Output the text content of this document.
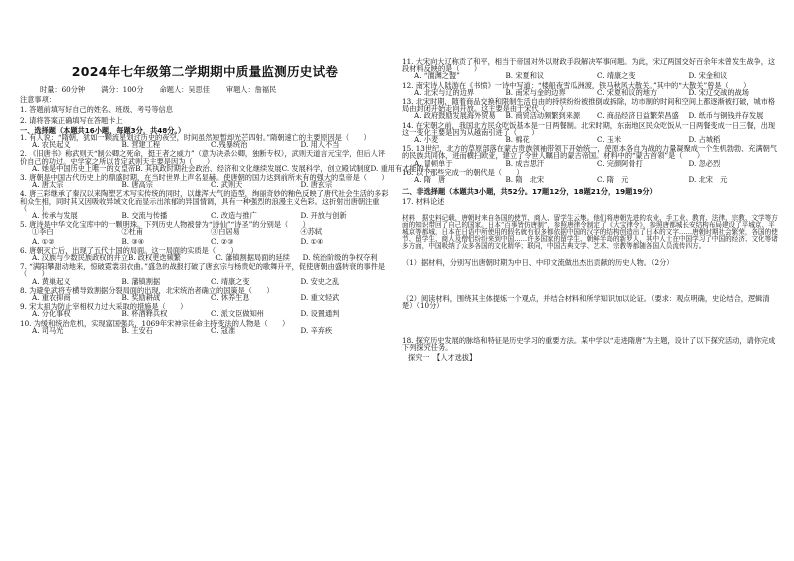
2024年七年级第二学期期中质量监测历史试卷

时量：60分钟 满分：100分 命题人：吴思佳 审题人：詹福民

注意事项：

1. 答题前填写好自己的姓名、班级、考号等信息

2. 请将答案正确填写在答题卡上

一、选择题（本题共16小题，每题3分，共48分。）

1. 有人说：“隋朝，犹如一颗流星划过历史的夜空，时间虽然短暂却光芒四射。”隋朝速亡的主要原因是（　　）

A. 农民起义	B. 营建工程	C.残暴统治	D. 用人不当

2. 《旧唐书》称武则天“制公卿之死命，挺王者之威力”（意为决杀公卿，独断专权），武则天道言元宝学，但后人评价自己的功过。史学家之所以肯定武则天主要是因为（　　）

A. 她是中国历史上唯一的女皇帝 B. 其执政时期社会政治、经济和文化继续发展 C. 发展科学，创立殿试制度 D. 重用有才能的人

3. 唐朝是中国古代历史上的鼎盛时期，在当时世界上声名显赫。使唐朝的国力达到前所未有的强大的皇帝是（　　）

A. 唐太宗	B. 唐高宗	C. 武则天	D. 唐玄宗

4. 唐三彩继承了秦汉以来陶塑艺术写实传统的同时，以雄浑大气的造型，绚丽奇妙的釉色反映了唐代社会生活的多彩和众生相，同时其又因吸收异域文化而显示出浓郁的异国情调，具有一种强烈的浪漫主义色彩。这折射出唐朝注重（　　）

A. 传承与发展	B. 交流与传播	C. 改造与推广	D. 开放与创新

5. 唐诗是中华文化宝库中的一颗明珠。下列历史人物被誉为“诗仙”“诗圣”的分别是（　　）

①李白	②杜甫	③白居易	④苏轼
A. ①②	B. ③④	C. ②③	D. ①④

6. 唐朝灭亡后，出现了五代十国的局面。这一局面的实质是（　　）

A. 汉族与少数民族政权的并立 B. 政权更迭频繁	C. 藩镇割据局面的延续	D. 统治阶级的争权夺利

7. “满阳攀甜动地来，惊破霓裳羽衣曲。”盛急的战报打破了唐玄宗与杨贵妃的歌舞升平，促使唐朝由盛转衰的事件是（　　）

A. 黄巢起义	B. 藩镇割据	C. 靖康之变	D. 安史之乱

8. 为避免武将专横导致割据分裂局面的出现，北宋统治者确立的国策是（　　）

A. 重农抑商	B. 奖励耕战	C. 休养生息	D. 重文轻武

9. 宋太祖为防止宰相权力过大采取的措施是（　　）

A. 分化事权	B. 杯酒释兵权	C. 派文臣做知州	D. 设置通判

10. 为缓和统治危机，实现富国强兵，1069年宋神宗任命主持变法的人物是（　　）

A. 司马光	B. 王安石	C. 寇准	D. 辛弃疾

11. 大宋向大辽称贡了和平，相当于帝国对外以财政手段解决军事问题。为此，宋辽两国交好百余年未曾发生战争，这段材料反映的是（　　）

A. “澶渊之盟”	B. 宋夏和议	C. 靖康之变	D. 宋金和议

12. 南宋诗人陆游在《书愤》一诗中写道：“楼船夜雪瓜洲渡，铁马秋风大散关。”其中的“大散关”曾是（　　）

A. 北宋与辽的边界	B. 南宋与金的边界	C. 宋夏和议的地方	D. 宋辽交战的战场

13. 北宋时期，随着商品交换和限制生活自由的持续纷纷被推倒或拆除，坊市制的时间和空间上都逐渐被打破，城市格局由封闭开始走向开放。这主要是由于宋代（　　）

A. 政府鼓励发展海外贸易	B. 商贸活动频繁到来源	C. 商品经济日益繁荣昌盛	D. 纸币与铜钱并存发展

14. 在宋朝之前，我国北方民众吃饭基本是一日两餐制。北宋时期，东南地区民众吃饭从一日两餐变成一日三餐，出现这一变化主要是因为从越南引进了（　　）

A. 小麦	B. 棉花	C. 玉米	D. 占城稻

15. 13世纪，北方的草原部落在蒙古贵族领袖带领下开始统一，使原本各自为战的力量凝聚成一个生机勃勃、充满朝气的民族共同体，进而横扫欧亚，建立了令世人瞩目的蒙古帝国。材料中的“蒙古首领”是（　　）

A. 冒顿单于	B. 成吉思汗	C. 完颜阿骨打	D. 忽必烈

16. 以下那些完成一的朝代是（　　）

A. 隋　唐	B. 隋　北宋	C. 隋　元	D. 北宋　元

二、非选择题（本题共3小题，共52分。17题12分，18题21分，19题19分）

17. 材料论述

材料　据史料记载，唐朝时来自各国的使节、商人、留学生云集。他们将唐朝先进的农业、手工业、教育、法律、宗教、文学等方面的知识带回了自己的国家。日本“百事皆仿唐制”，参照唐律令制定了《大宝律令》，参照唐都城长安结构布局建设了平城京、平城京等都城，日本在日语中所使用的假名就有很多都依据中国的汉字的结构创造出了日本的文字……唐朝时期社会繁荣，各国的使节、留学生、商人及僧侣纷纷来到中国……许多国家的留学生、朝鲜半岛的新罗人，其中人士在中国学习了中国的经济、文化等诸多方面，中国吸纳了众多各国的文化精华；联同，中国古典文学、艺术、宗教等都随各国人员流传四方。

（1）据材料，分别写出唐朝时期为中日、中印文流做出杰出贡献的历史人物。（2分）

（2）阅读材料，围绕其主体提炼一个观点，并结合材料和所学知识加以论证。（要求：观点明确，史论结合，逻辑清楚）（10分）

18. 探究历史发展的脉络和特征是历史学习的重要方法。某中学以“走进隋唐”为主题，设计了以下探究活动，请你完成下列探究任务。

探究一　【人才选拔】
